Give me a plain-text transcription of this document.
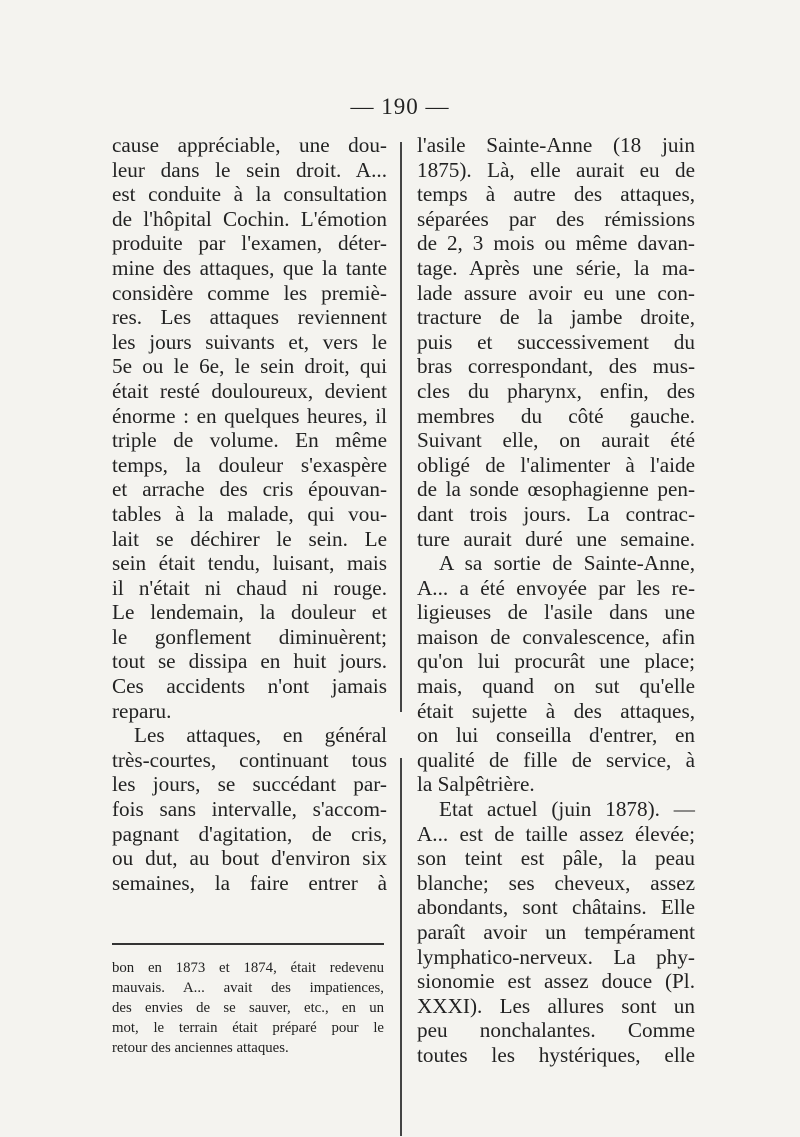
— 190 —
cause appréciable, une dou-
leur dans le sein droit. A...
est conduite à la consultation
de l'hôpital Cochin. L'émotion
produite par l'examen, déter-
mine des attaques, que la tante
considère comme les premiè-
res. Les attaques reviennent
les jours suivants et, vers le
5e ou le 6e, le sein droit, qui
était resté douloureux, devient
énorme : en quelques heures, il
triple de volume. En même
temps, la douleur s'exaspère
et arrache des cris épouvan-
tables à la malade, qui vou-
lait se déchirer le sein. Le
sein était tendu, luisant, mais
il n'était ni chaud ni rouge.
Le lendemain, la douleur et
le gonflement diminuèrent;
tout se dissipa en huit jours.
Ces accidents n'ont jamais
reparu.
Les attaques, en général
très-courtes, continuant tous
les jours, se succédant par-
fois sans intervalle, s'accom-
pagnant d'agitation, de cris,
ou dut, au bout d'environ six
semaines, la faire entrer à
l'asile Sainte-Anne (18 juin
1875). Là, elle aurait eu de
temps à autre des attaques,
séparées par des rémissions
de 2, 3 mois ou même davan-
tage. Après une série, la ma-
lade assure avoir eu une con-
tracture de la jambe droite,
puis et successivement du
bras correspondant, des mus-
cles du pharynx, enfin, des
membres du côté gauche.
Suivant elle, on aurait été
obligé de l'alimenter à l'aide
de la sonde œsophagienne pen-
dant trois jours. La contrac-
ture aurait duré une semaine.
A sa sortie de Sainte-Anne,
A... a été envoyée par les re-
ligieuses de l'asile dans une
maison de convalescence, afin
qu'on lui procurât une place;
mais, quand on sut qu'elle
était sujette à des attaques,
on lui conseilla d'entrer, en
qualité de fille de service, à
la Salpêtrière.
Etat actuel (juin 1878). —
A... est de taille assez élevée;
son teint est pâle, la peau
blanche; ses cheveux, assez
abondants, sont châtains. Elle
paraît avoir un tempérament
lymphatico-nerveux. La phy-
sionomie est assez douce (Pl.
XXXI). Les allures sont un
peu nonchalantes. Comme
toutes les hystériques, elle
bon en 1873 et 1874, était redevenu
mauvais. A... avait des impatiences,
des envies de se sauver, etc., en un
mot, le terrain était préparé pour le
retour des anciennes attaques.
